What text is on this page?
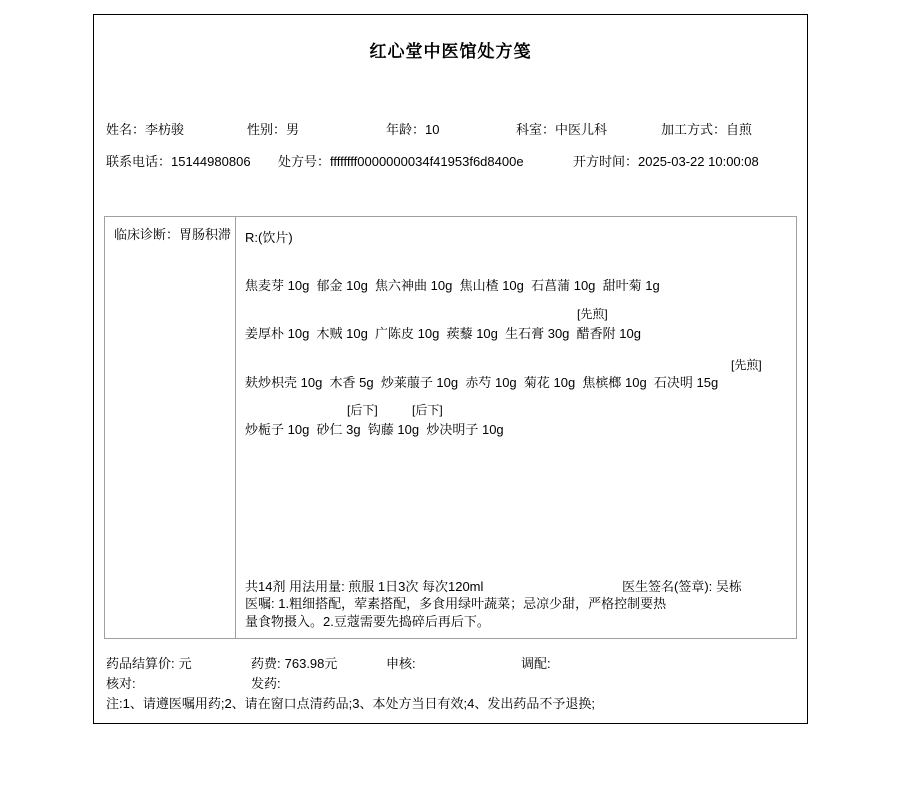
红心堂中医馆处方笺
姓名：李枋骏	性别：男	年龄：10	科室：中医儿科	加工方式：自煎
联系电话：15144980806 处方号：ffffffff0000000034f41953f6d8400e	开方时间：2025-03-22 10:00:08
临床诊断：胃肠积滞 R:(饮片)
焦麦芽 10g  郁金 10g  焦六神曲 10g  焦山楂 10g  石菖蒲 10g  甜叶菊 1g
[先煎]
姜厚朴 10g  木贼 10g  广陈皮 10g  蒺藜 10g  生石膏 30g  醋香附 10g
[先煎]
麸炒枳壳 10g  木香 5g  炒莱菔子 10g  赤芍 10g  菊花 10g  焦槟榔 10g  石决明 15g
[后下]	[后下]
炒栀子 10g  砂仁 3g  钩藤 10g  炒决明子 10g
共14剂 用法用量: 煎服 1日3次 每次120ml	医生签名(签章): 吴栋
医嘱: 1.粗细搭配，荤素搭配，多食用绿叶蔬菜；忌凉少甜，严格控制要热量食物摄入。2.豆蔻需要先捣碎后再后下。
药品结算价: 元	药费: 763.98元	申核:	调配:
核对:	发药:
注:1、请遵医嘱用药;2、请在窗口点清药品;3、本处方当日有效;4、发出药品不予退换;
